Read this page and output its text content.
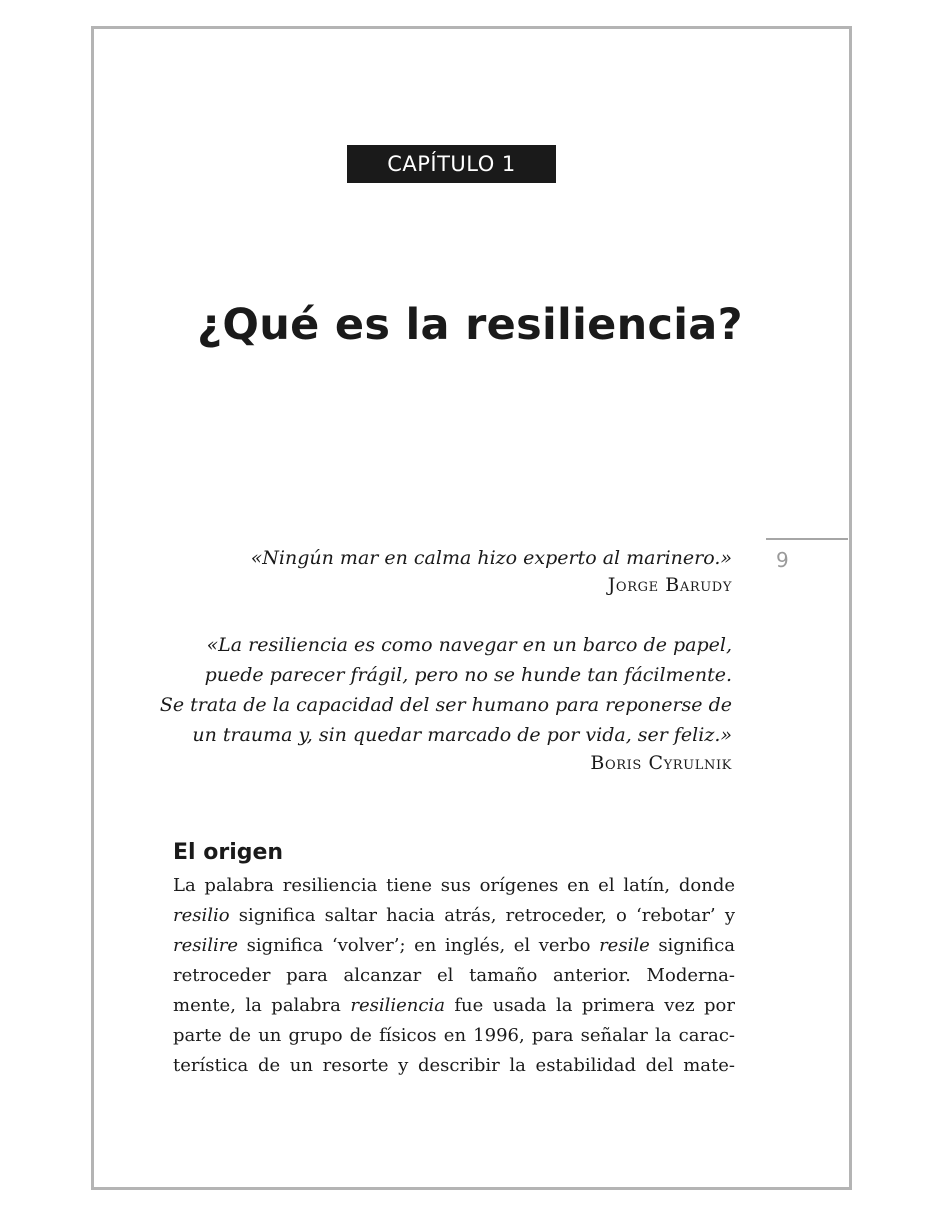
CAPÍTULO 1
¿Qué es la resiliencia?
9
«Ningún mar en calma hizo experto al marinero.»
Jorge Barudy
«La resiliencia es como navegar en un barco de papel,
puede parecer frágil, pero no se hunde tan fácilmente.
Se trata de la capacidad del ser humano para reponerse de
un trauma y, sin quedar marcado de por vida, ser feliz.»
Boris Cyrulnik
El origen
La palabra resiliencia tiene sus orígenes en el latín, donde
resilio significa saltar hacia atrás, retroceder, o ‘rebotar’ y
resilire significa ‘volver’; en inglés, el verbo resile significa
retroceder para alcanzar el tamaño anterior. Moderna-
mente, la palabra resiliencia fue usada la primera vez por
parte de un grupo de físicos en 1996, para señalar la carac-
terística de un resorte y describir la estabilidad del mate-
